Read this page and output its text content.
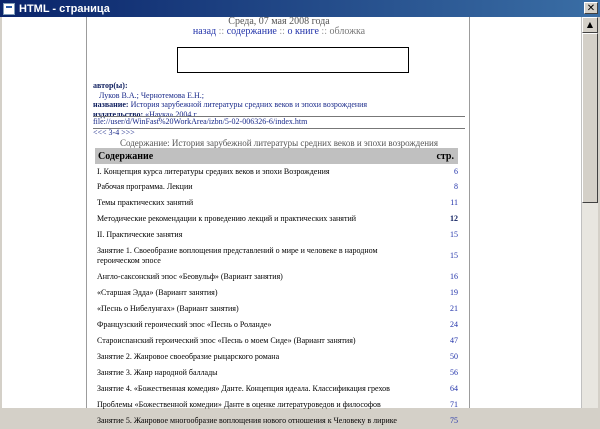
HTML - страница	✕
Среда, 07 мая 2008 года
назад :: содержание :: о книге :: обложка
автор(ы):
Луков В.А.; Чернотемова Е.Н.;
название: История зарубежной литературы средних веков и эпохи возрождения
издательство: «Наука» 2004 г.
file://user/d/WinFast%20WorkArea/izbn/5-02-006326-6/index.htm
<<< 3-4 >>>
Содержание: История зарубежной литературы средних веков и эпохи возрождения
Содержание	стр.
I. Концепция курса литературы средних веков и эпохи Возрождения	6
Рабочая программа. Лекции	8
Темы практических занятий	11
Методические рекомендации к проведению лекций и практических занятий	12
II. Практические занятия	15
Занятие 1. Своеобразие воплощения представлений о мире и человеке в народном героическом эпосе
15
Англо-саксонский эпос «Беовульф» (Вариант занятия)	16
«Старшая Эдда» (Вариант занятия)	19
«Песнь о Нибелунгах» (Вариант занятия)	21
Французский героический эпос «Песнь о Роланде»	24
Староиспанский героический эпос «Песнь о моем Сиде» (Вариант занятия)	47
Занятие 2. Жанровое своеобразие рыцарского романа	50
Занятие 3. Жанр народной баллады	56
Занятие 4. «Божественная комедия» Данте. Концепция идеала. Классификация грехов	64
Проблемы «Божественной комедии» Данте в оценке литературоведов и философов	71
Занятие 5. Жанровое многообразие воплощения нового отношения к Человеку в лирике	75
▲
